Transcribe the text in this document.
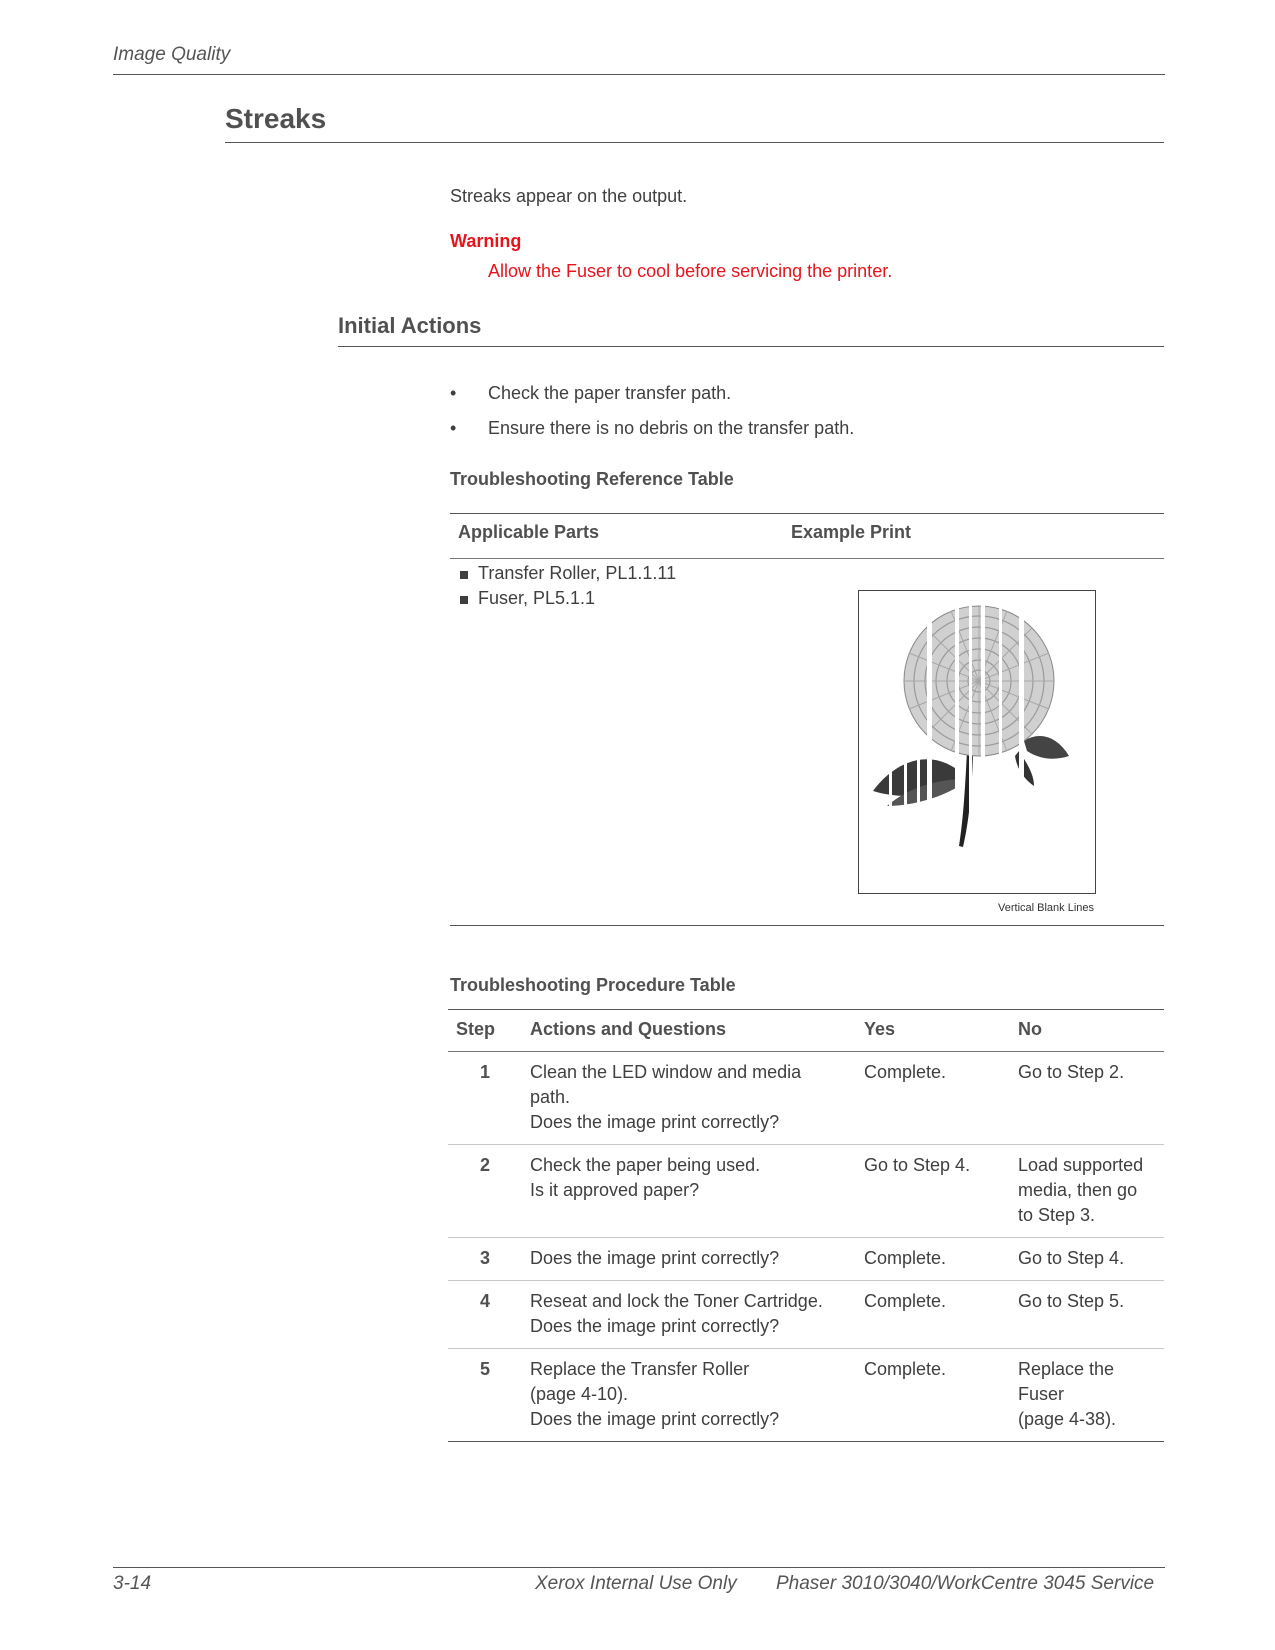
Image Quality
Streaks
Streaks appear on the output.
Warning
Allow the Fuser to cool before servicing the printer.
Initial Actions
• Check the paper transfer path.
• Ensure there is no debris on the transfer path.
Troubleshooting Reference Table
Applicable Parts	Example Print
Transfer Roller, PL1.1.11
Fuser, PL5.1.1
Vertical Blank Lines
Troubleshooting Procedure Table
Step	Actions and Questions	Yes	No
1	Clean the LED window and media
path.
Does the image print correctly?	Complete.	Go to Step 2.
2	Check the paper being used.
Is it approved paper?	Go to Step 4.	Load supported
media, then go
to Step 3.
3	Does the image print correctly?	Complete.	Go to Step 4.
4	Reseat and lock the Toner Cartridge.
Does the image print correctly?	Complete.	Go to Step 5.
5	Replace the Transfer Roller
(page 4-10).
Does the image print correctly?	Complete.	Replace the
Fuser
(page 4-38).
3-14	Xerox Internal Use Only Phaser 3010/3040/WorkCentre 3045 Service
